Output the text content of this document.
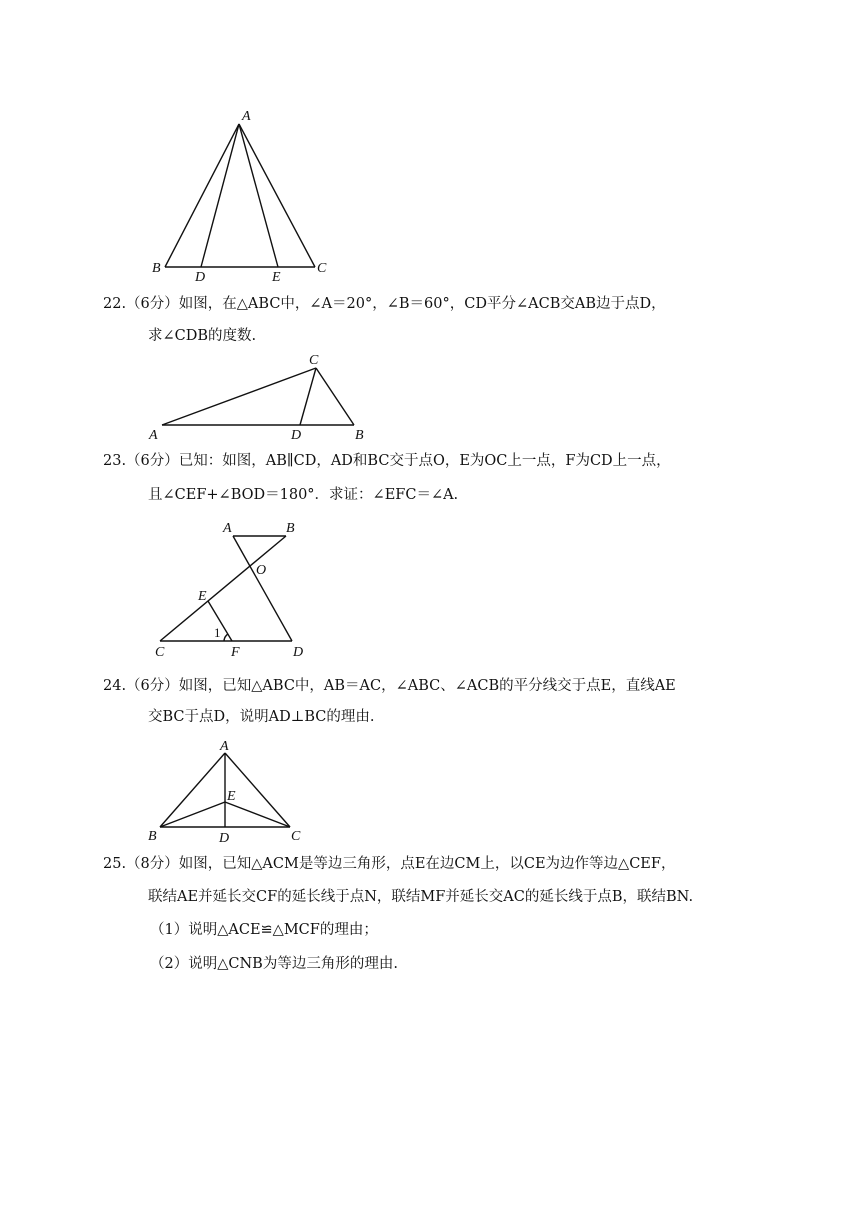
A
B
D	E
C
C
A	D	B
A	B
O
E
1
C	F	D
A
E
B	D	C
22.（6分）如图，在△ABC中，∠A＝20°，∠B＝60°，CD平分∠ACB交AB边于点D，
求∠CDB的度数.
23.（6分）已知：如图，AB∥CD，AD和BC交于点O，E为OC上一点，F为CD上一点，
且∠CEF+∠BOD＝180°．求证：∠EFC＝∠A.
24.（6分）如图，已知△ABC中，AB＝AC，∠ABC、∠ACB的平分线交于点E，直线AE
交BC于点D，说明AD⊥BC的理由.
25.（8分）如图，已知△ACM是等边三角形，点E在边CM上，以CE为边作等边△CEF，
联结AE并延长交CF的延长线于点N，联结MF并延长交AC的延长线于点B，联结BN.
（1）说明△ACE≌△MCF的理由；
（2）说明△CNB为等边三角形的理由.
